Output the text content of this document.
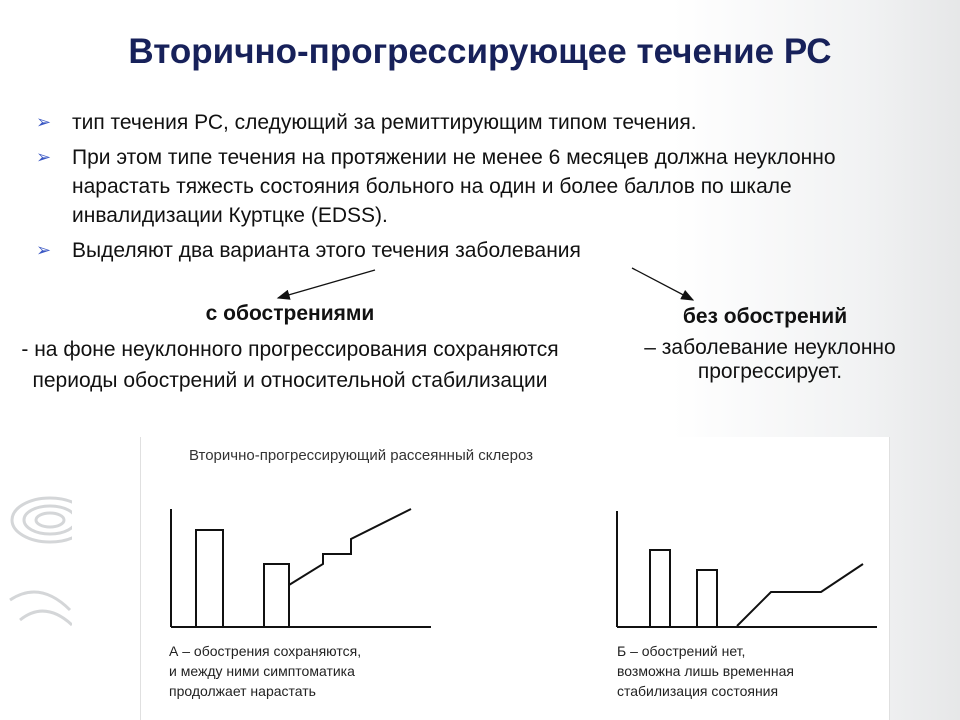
Вторично-прогрессирующее течение РС
➢ тип течения РС, следующий за ремиттирующим типом течения.
➢ При этом типе течения на протяжении не менее 6 месяцев должна неуклонно нарастать тяжесть состояния больного на один и более баллов по шкале инвалидизации Куртцке (EDSS).
➢ Выделяют два варианта этого течения заболевания
с обострениями
- на фоне неуклонного прогрессирования сохраняются периоды обострений и относительной стабилизации
без обострений
– заболевание неуклонно прогрессирует.
Вторично-прогрессирующий рассеянный склероз
А – обострения сохраняются,
и между ними симптоматика
продолжает нарастать
Б – обострений нет,
возможна лишь временная
стабилизация состояния
